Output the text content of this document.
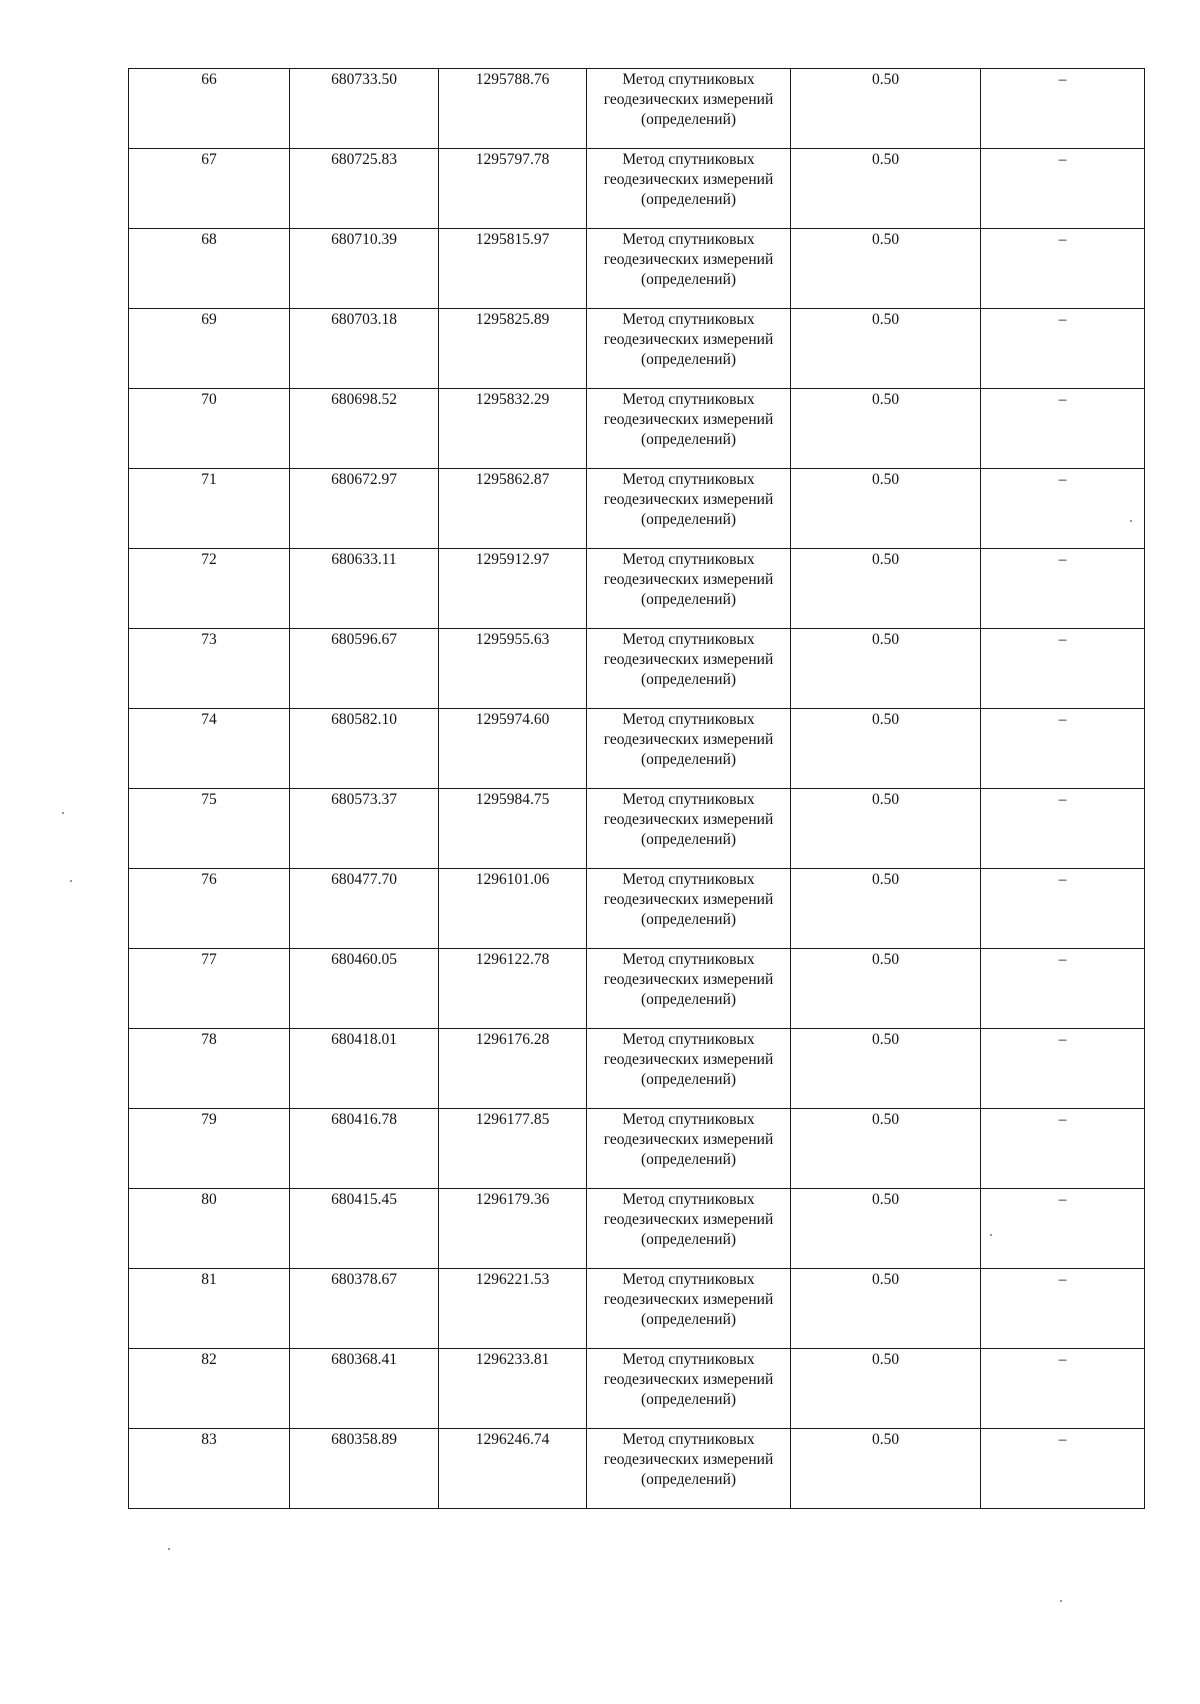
66	680733.50	1295788.76	Метод спутниковых геодезических измерений (определений)	0.50	–
67	680725.83	1295797.78	Метод спутниковых геодезических измерений (определений)	0.50	–
68	680710.39	1295815.97	Метод спутниковых геодезических измерений (определений)	0.50	–
69	680703.18	1295825.89	Метод спутниковых геодезических измерений (определений)	0.50	–
70	680698.52	1295832.29	Метод спутниковых геодезических измерений (определений)	0.50	–
71	680672.97	1295862.87	Метод спутниковых геодезических измерений (определений)	0.50	–
72	680633.11	1295912.97	Метод спутниковых геодезических измерений (определений)	0.50	–
73	680596.67	1295955.63	Метод спутниковых геодезических измерений (определений)	0.50	–
74	680582.10	1295974.60	Метод спутниковых геодезических измерений (определений)	0.50	–
75	680573.37	1295984.75	Метод спутниковых геодезических измерений (определений)	0.50	–
76	680477.70	1296101.06	Метод спутниковых геодезических измерений (определений)	0.50	–
77	680460.05	1296122.78	Метод спутниковых геодезических измерений (определений)	0.50	–
78	680418.01	1296176.28	Метод спутниковых геодезических измерений (определений)	0.50	–
79	680416.78	1296177.85	Метод спутниковых геодезических измерений (определений)	0.50	–
80	680415.45	1296179.36	Метод спутниковых геодезических измерений (определений)	0.50	–
81	680378.67	1296221.53	Метод спутниковых геодезических измерений (определений)	0.50	–
82	680368.41	1296233.81	Метод спутниковых геодезических измерений (определений)	0.50	–
83	680358.89	1296246.74	Метод спутниковых геодезических измерений (определений)	0.50	–
